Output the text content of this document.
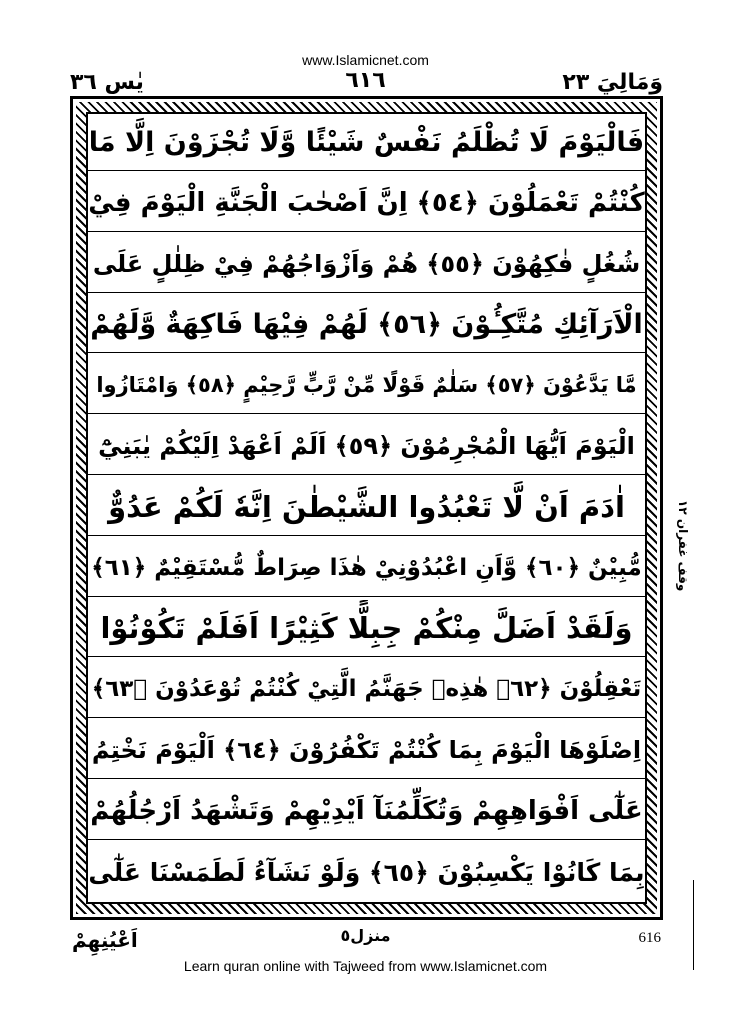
www.Islamicnet.com
وَمَالِيَ ٢٣
٦١٦
يٰس ٣٦
فَالْيَوْمَ لَا تُظْلَمُ نَفْسٌ شَيْئًا وَّلَا تُجْزَوْنَ اِلَّا مَا
كُنْتُمْ تَعْمَلُوْنَ ﴿٥٤﴾ اِنَّ اَصْحٰبَ الْجَنَّةِ الْيَوْمَ فِيْ
شُغُلٍ فٰكِهُوْنَ ﴿٥٥﴾ هُمْ وَاَزْوَاجُهُمْ فِيْ ظِلٰلٍ عَلَى
الْاَرَآئِكِ مُتَّكِـُٔوْنَ ﴿٥٦﴾ لَهُمْ فِيْهَا فَاكِهَةٌ وَّلَهُمْ
مَّا يَدَّعُوْنَ ﴿٥٧﴾ سَلٰمٌ قَوْلًا مِّنْ رَّبٍّ رَّحِيْمٍ ﴿٥٨﴾ وَامْتَازُوا
الْيَوْمَ اَيُّهَا الْمُجْرِمُوْنَ ﴿٥٩﴾ اَلَمْ اَعْهَدْ اِلَيْكُمْ يٰبَنِيْٓ
اٰدَمَ اَنْ لَّا تَعْبُدُوا الشَّيْطٰنَ اِنَّهٗ لَكُمْ عَدُوٌّ
مُّبِيْنٌ ﴿٦٠﴾ وَّاَنِ اعْبُدُوْنِيْ هٰذَا صِرَاطٌ مُّسْتَقِيْمٌ ﴿٦١﴾
وَلَقَدْ اَضَلَّ مِنْكُمْ جِبِلًّا كَثِيْرًا اَفَلَمْ تَكُوْنُوْا
تَعْقِلُوْنَ ﴿٦٢﴾ هٰذِهٖ جَهَنَّمُ الَّتِيْ كُنْتُمْ تُوْعَدُوْنَ ﴿٦٣﴾
اِصْلَوْهَا الْيَوْمَ بِمَا كُنْتُمْ تَكْفُرُوْنَ ﴿٦٤﴾ اَلْيَوْمَ نَخْتِمُ
عَلٰٓى اَفْوَاهِهِمْ وَتُكَلِّمُنَآ اَيْدِيْهِمْ وَتَشْهَدُ اَرْجُلُهُمْ
بِمَا كَانُوْا يَكْسِبُوْنَ ﴿٦٥﴾ وَلَوْ نَشَآءُ لَطَمَسْنَا عَلٰٓى
وقف غفران ١٢
اَعْيُنِهِمْ	منزل٥	616
Learn quran online with Tajweed from www.Islamicnet.com
